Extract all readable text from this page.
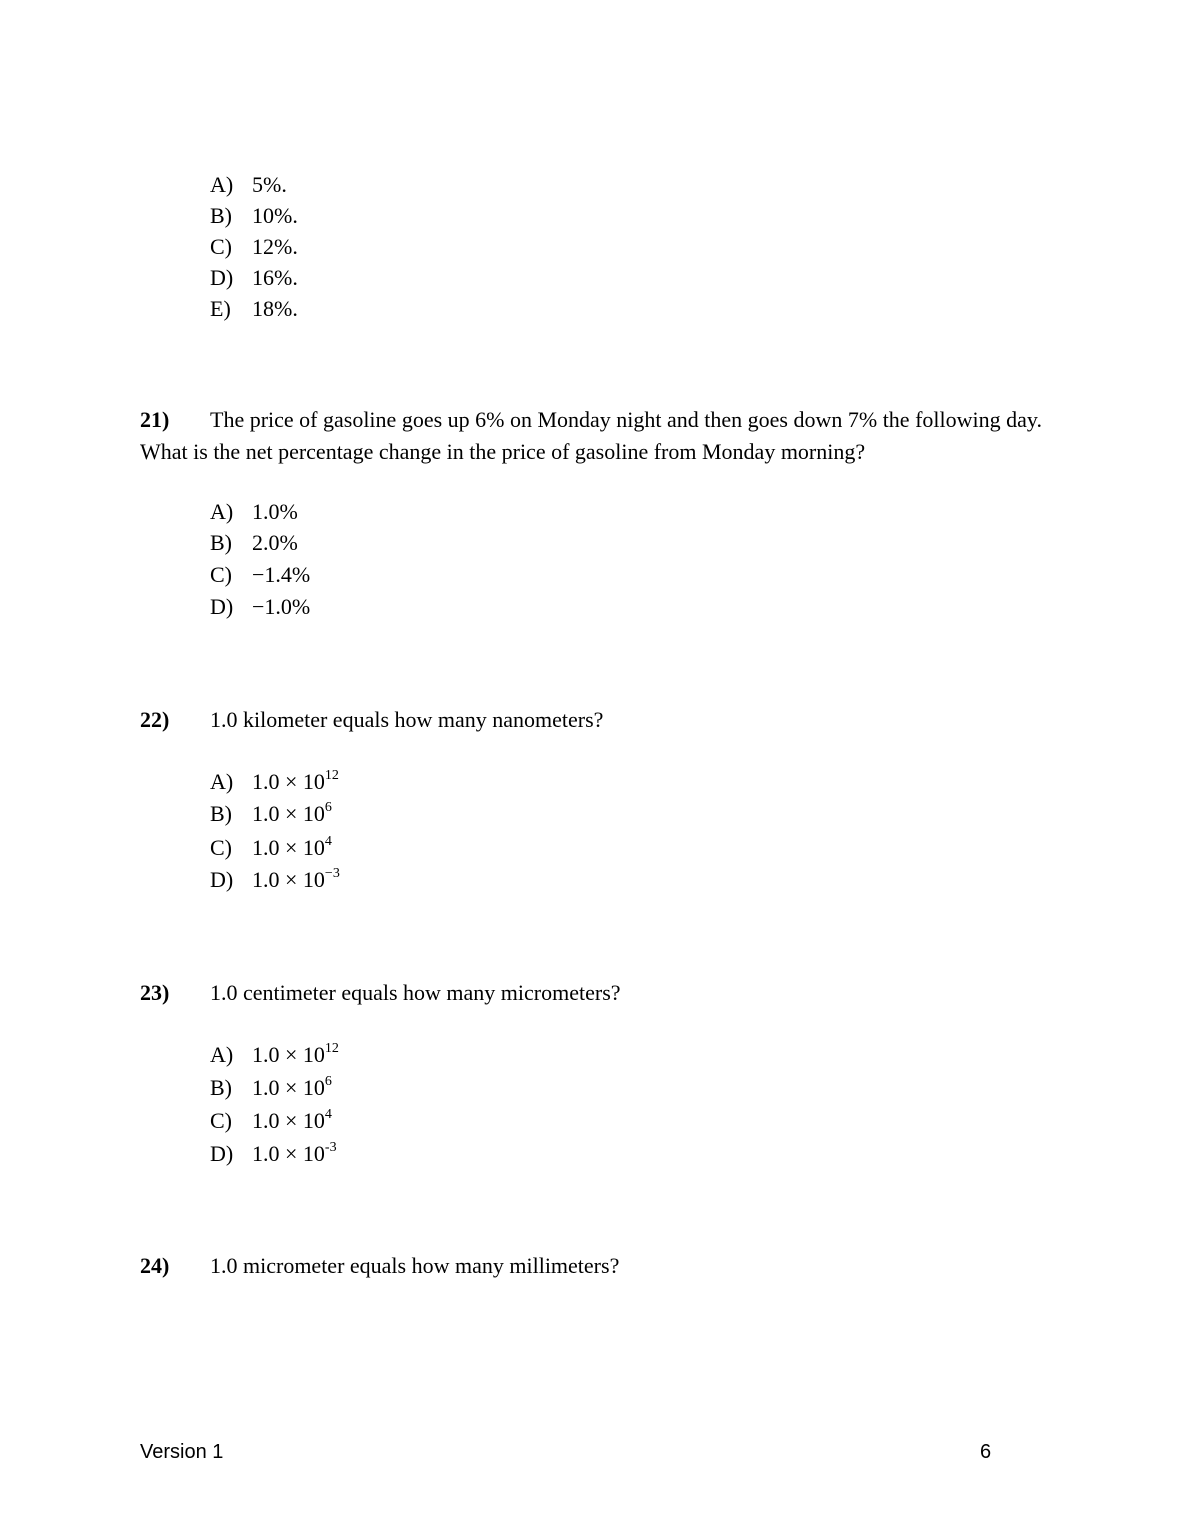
A) 5%.
B) 10%.
C) 12%.
D) 16%.
E) 18%.
21) The price of gasoline goes up 6% on Monday night and then goes down 7% the following day. What is the net percentage change in the price of gasoline from Monday morning?
A) 1.0%
B) 2.0%
C) −1.4%
D) −1.0%
22) 1.0 kilometer equals how many nanometers?
A) $1.0 \times 10^{12}$
B) $1.0 \times 10^6$
C) $1.0 \times 10^4$
D) $1.0 \times 10^{-3}$
23) 1.0 centimeter equals how many micrometers?
A) $1.0 \times 10^{12}$
B) $1.0 \times 10^6$
C) $1.0 \times 10^4$
D) $1.0 \times 10^{-3}$
24) 1.0 micrometer equals how many millimeters?
Version 1	6
